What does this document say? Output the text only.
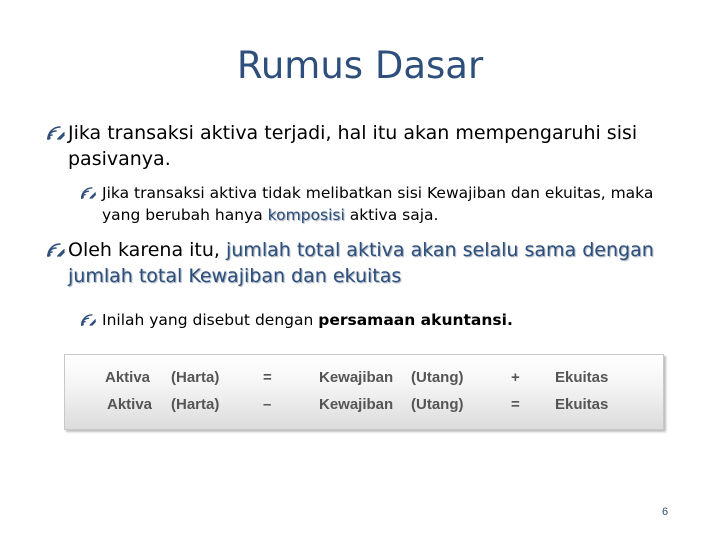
Rumus Dasar
Jika transaksi aktiva terjadi, hal itu akan mempengaruhi sisi
pasivanya.
Jika transaksi aktiva tidak melibatkan sisi Kewajiban dan ekuitas, maka
yang berubah hanya komposisi aktiva saja.
Oleh karena itu, jumlah total aktiva akan selalu sama dengan
jumlah total Kewajiban dan ekuitas
Inilah yang disebut dengan persamaan akuntansi.
Aktiva (Harta)	=	Kewajiban (Utang)	+ Ekuitas
Aktiva (Harta)	–	Kewajiban (Utang)	= Ekuitas
6
